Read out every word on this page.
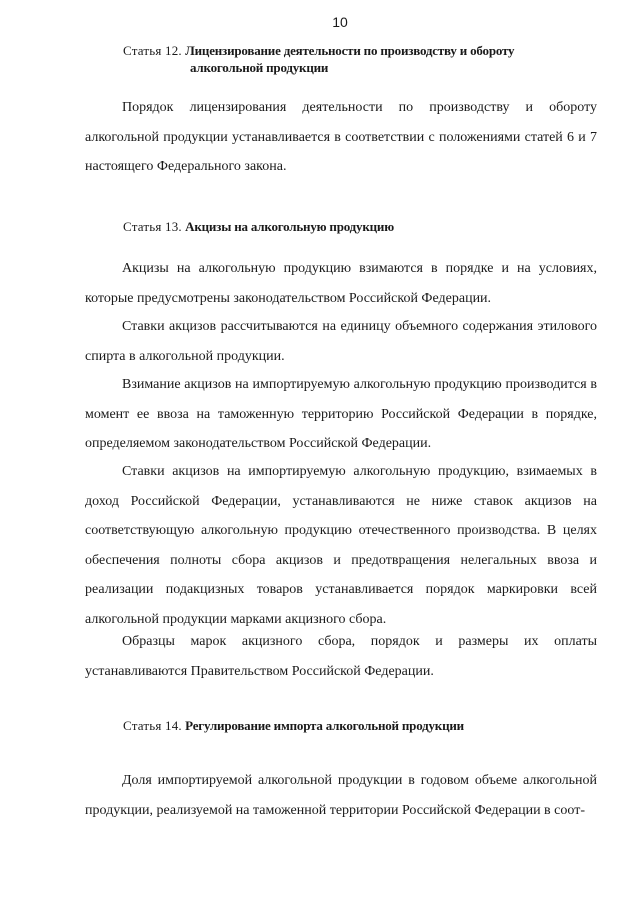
10
Статья 12. Лицензирование деятельности по производству и обороту
алкогольной продукции

Порядок лицензирования деятельности по производству и обороту алкогольной продукции устанавливается в соответствии с положениями статей 6 и 7 настоящего Федерального закона.

Статья 13. Акцизы на алкогольную продукцию

Акцизы на алкогольную продукцию взимаются в порядке и на условиях, которые предусмотрены законодательством Российской Федерации.

Ставки акцизов рассчитываются на единицу объемного содержания этилового спирта в алкогольной продукции.

Взимание акцизов на импортируемую алкогольную продукцию производится в момент ее ввоза на таможенную территорию Российской Федерации в порядке, определяемом законодательством Российской Федерации.

Ставки акцизов на импортируемую алкогольную продукцию, взимаемых в доход Российской Федерации, устанавливаются не ниже ставок акцизов на соответствующую алкогольную продукцию отечественного производства. В целях обеспечения полноты сбора акцизов и предотвращения нелегальных ввоза и реализации подакцизных товаров устанавливается порядок маркировки всей алкогольной продукции марками акцизного сбора.

Образцы марок акцизного сбора, порядок и размеры их оплаты устанавливаются Правительством Российской Федерации.

Статья 14. Регулирование импорта алкогольной продукции

Доля импортируемой алкогольной продукции в годовом объеме алкогольной продукции, реализуемой на таможенной территории Российской Федерации в соот-
